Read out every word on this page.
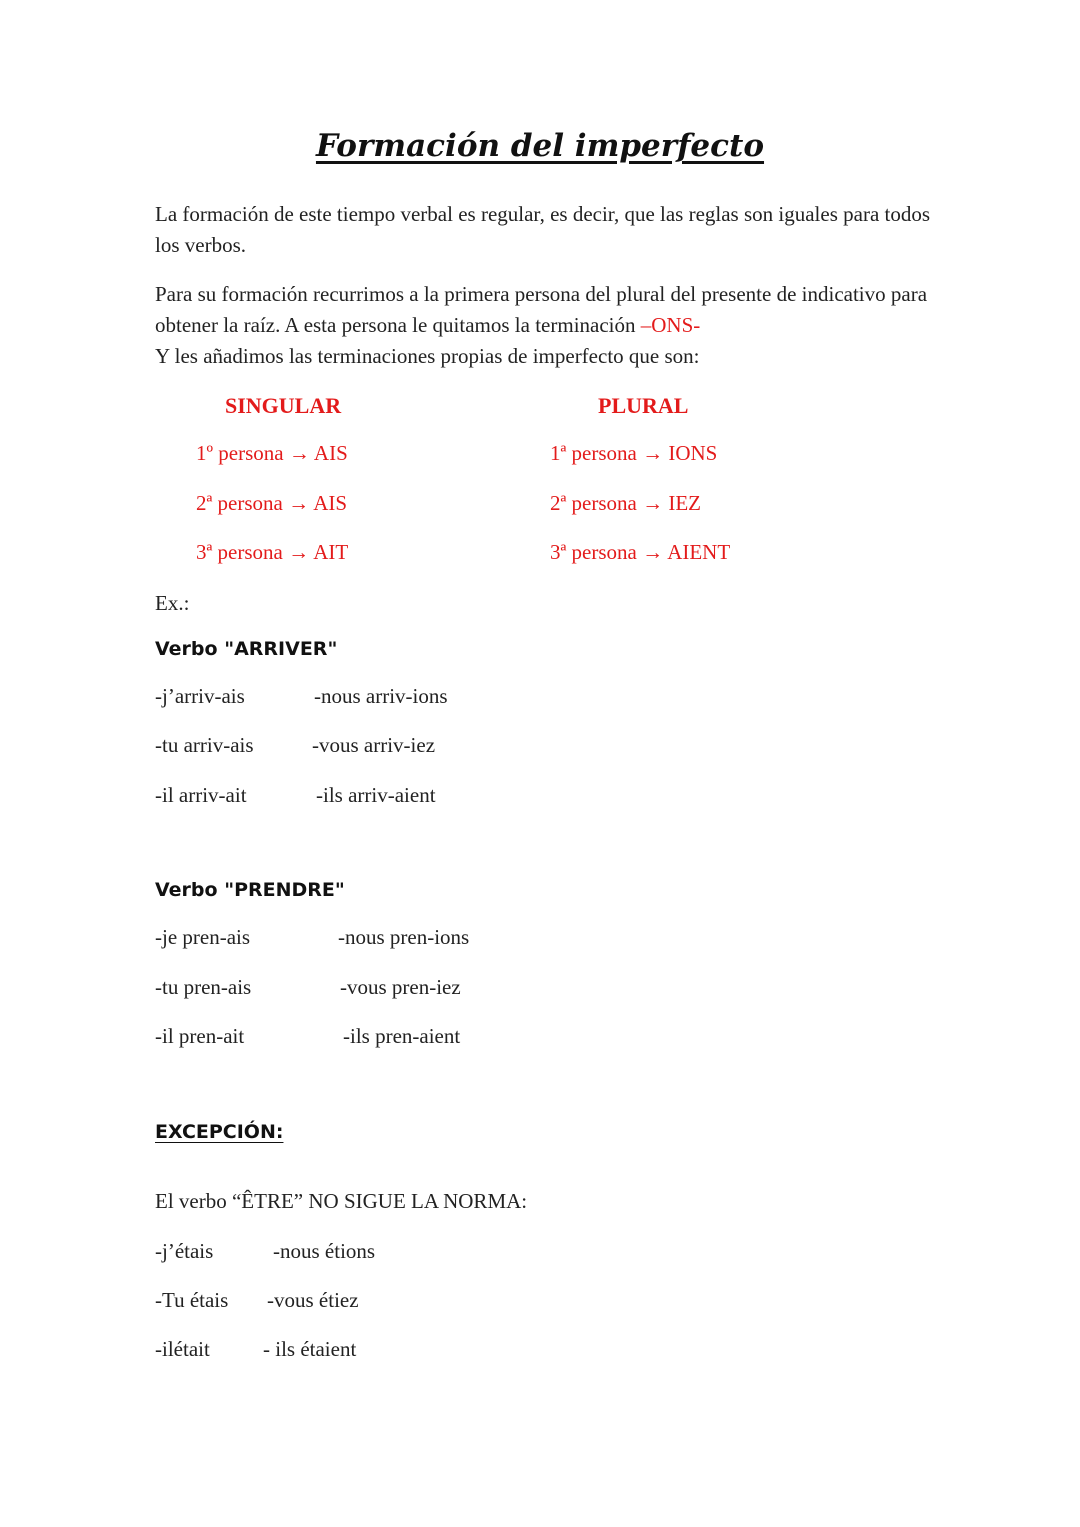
Formación del imperfecto
La formación de este tiempo verbal es regular, es decir, que las reglas son iguales para todos los verbos.
Para su formación recurrimos a la primera persona del plural del presente de indicativo para obtener la raíz. A esta persona le quitamos la terminación –ONS-
Y les añadimos las terminaciones propias de imperfecto que son:
SINGULAR	PLURAL
1º persona → AIS
2ª persona → AIS
3ª persona → AIT
1ª persona → IONS
2ª persona → IEZ
3ª persona → AIENT
Ex.:
Verbo "ARRIVER"
-j’arriv-ais
-tu arriv-ais
-il arriv-ait
-nous arriv-ions
-vous arriv-iez
-ils arriv-aient
Verbo "PRENDRE"
-je pren-ais
-tu pren-ais
-il pren-ait
-nous pren-ions
-vous pren-iez
-ils pren-aient
EXCEPCIÓN:
El verbo “ÊTRE” NO SIGUE LA NORMA:
-j’étais
-Tu étais
-ilétait
-nous étions
-vous étiez
- ils étaient
